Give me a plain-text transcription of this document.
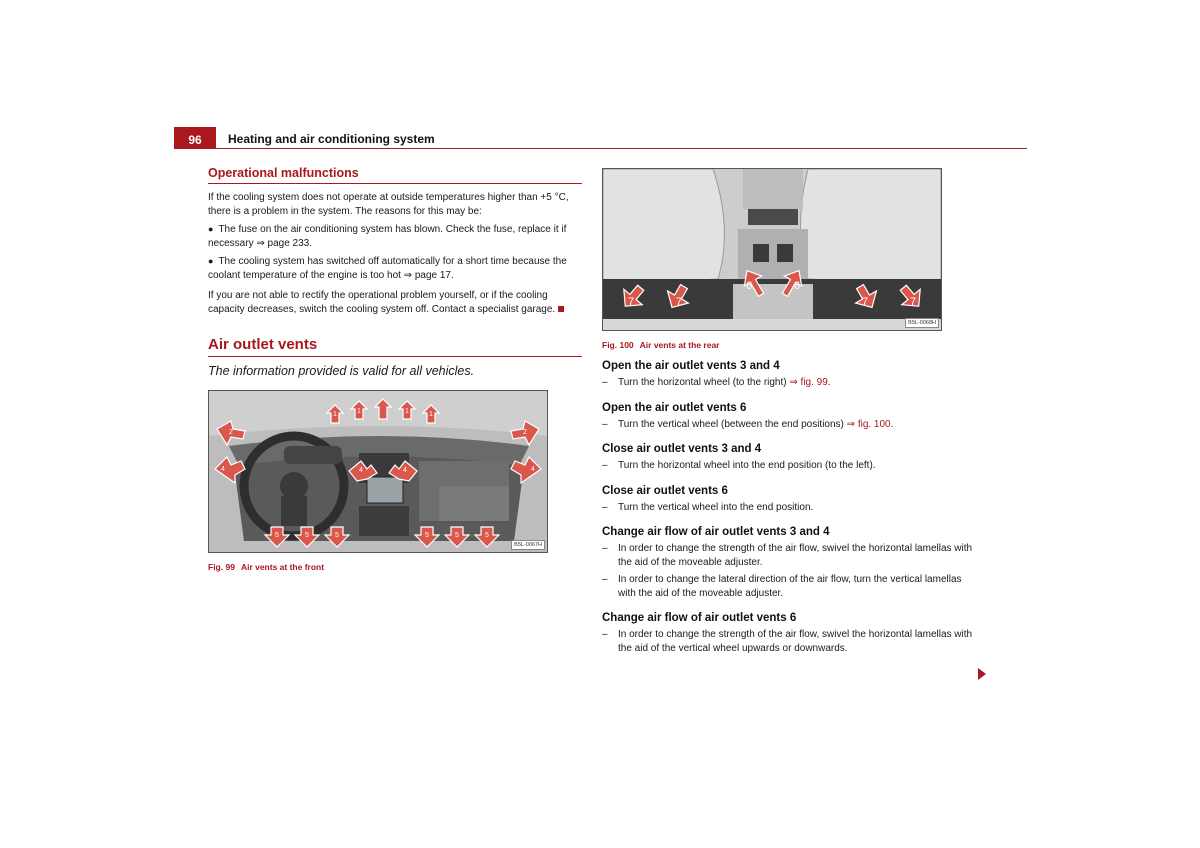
96	Heating and air conditioning system
Operational malfunctions

If the cooling system does not operate at outside temperatures higher than +5 °C, there is a problem in the system. The reasons for this may be:

● The fuse on the air conditioning system has blown. Check the fuse, replace it if necessary ⇒ page 233.
● The cooling system has switched off automatically for a short time because the coolant temperature of the engine is too hot ⇒ page 17.

If you are not able to rectify the operational problem yourself, or if the cooling capacity decreases, switch the cooling system off. Contact a specialist garage.

Air outlet vents
The information provided is valid for all vehicles.
1	1	1	1
2	2
4	4
4	4
5	5	5	5	5	5
B5L-0067H
Fig. 99 Air vents at the front
6	6
7	7	7	7
B5L-0068H
Fig. 100 Air vents at the rear
Open the air outlet vents 3 and 4
– Turn the horizontal wheel (to the right) ⇒ fig. 99.
Open the air outlet vents 6
– Turn the vertical wheel (between the end positions) ⇒ fig. 100.
Close air outlet vents 3 and 4
– Turn the horizontal wheel into the end position (to the left).
Close air outlet vents 6
– Turn the vertical wheel into the end position.
Change air flow of air outlet vents 3 and 4
– In order to change the strength of the air flow, swivel the horizontal lamellas with the aid of the moveable adjuster.
– In order to change the lateral direction of the air flow, turn the vertical lamellas with the aid of the moveable adjuster.
Change air flow of air outlet vents 6
– In order to change the strength of the air flow, swivel the horizontal lamellas with the aid of the vertical wheel upwards or downwards.
